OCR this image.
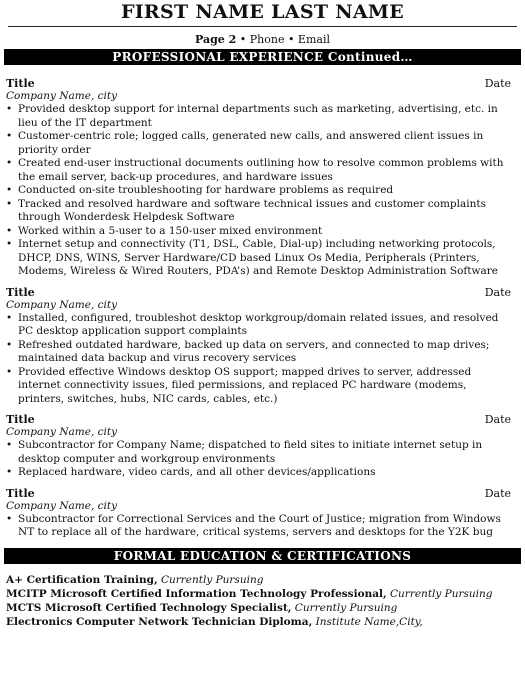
FIRST NAME LAST NAME
Page 2 • Phone • Email
PROFESSIONAL EXPERIENCE Continued…
Title	Date
Company Name, city
• Provided desktop support for internal departments such as marketing, advertising, etc. in lieu of the IT department
• Customer-centric role; logged calls, generated new calls, and answered client issues in priority order
• Created end-user instructional documents outlining how to resolve common problems with the email server, back-up procedures, and hardware issues
• Conducted on-site troubleshooting for hardware problems as required
• Tracked and resolved hardware and software technical issues and customer complaints through Wonderdesk Helpdesk Software
• Worked within a 5-user to a 150-user mixed environment
• Internet setup and connectivity (T1, DSL, Cable, Dial-up) including networking protocols, DHCP, DNS, WINS, Server Hardware/CD based Linux Os Media, Peripherals (Printers, Modems, Wireless & Wired Routers, PDA’s) and Remote Desktop Administration Software
Title	Date
Company Name, city
• Installed, configured, troubleshot desktop workgroup/domain related issues, and resolved PC desktop application support complaints
• Refreshed outdated hardware, backed up data on servers, and connected to map drives; maintained data backup and virus recovery services
• Provided effective Windows desktop OS support; mapped drives to server, addressed internet connectivity issues, filed permissions, and replaced PC hardware (modems, printers, switches, hubs, NIC cards, cables, etc.)
Title	Date
Company Name, city
• Subcontractor for Company Name; dispatched to field sites to initiate internet setup in desktop computer and workgroup environments
• Replaced hardware, video cards, and all other devices/applications
Title	Date
Company Name, city
• Subcontractor for Correctional Services and the Court of Justice; migration from Windows NT to replace all of the hardware, critical systems, servers and desktops for the Y2K bug
FORMAL EDUCATION & CERTIFICATIONS
A+ Certification Training, Currently Pursuing
MCITP Microsoft Certified Information Technology Professional, Currently Pursuing
MCTS Microsoft Certified Technology Specialist, Currently Pursuing
Electronics Computer Network Technician Diploma, Institute Name,City,
